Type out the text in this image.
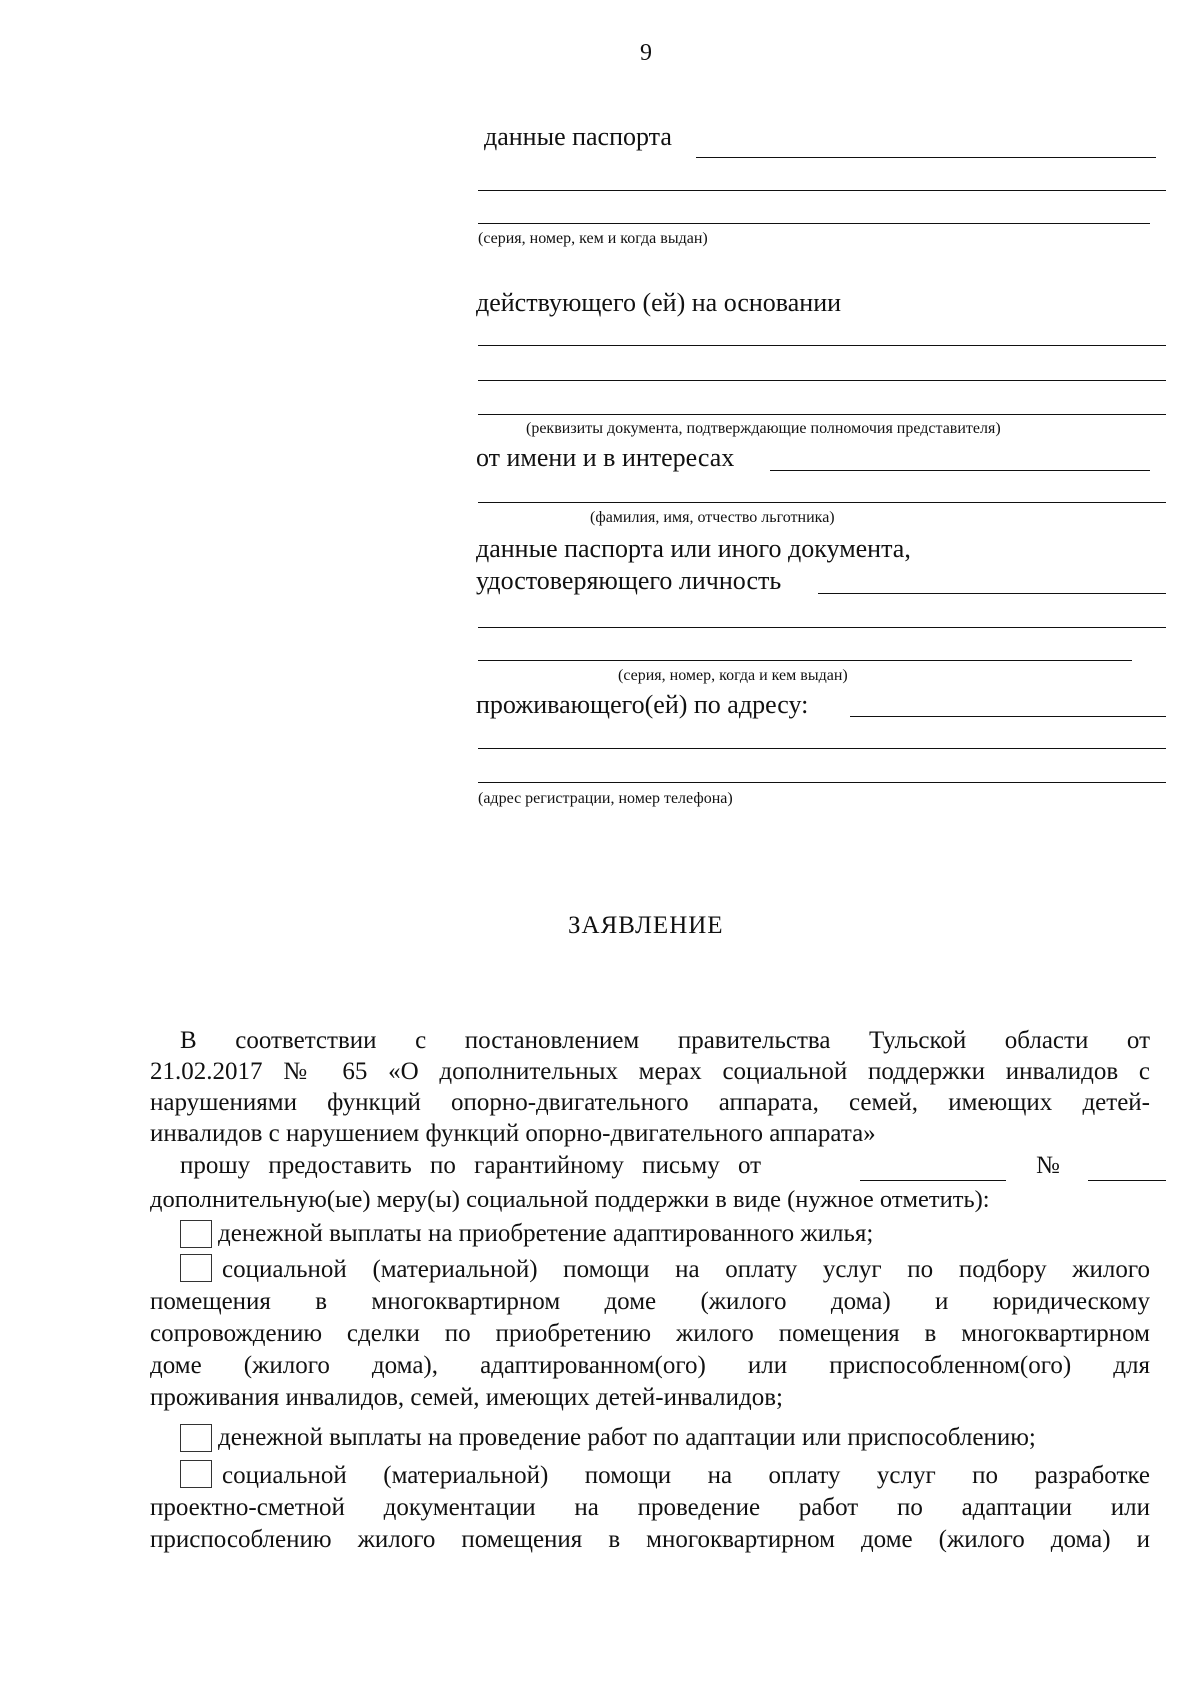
9
данные паспорта
(серия, номер, кем и когда выдан)
действующего (ей) на основании
(реквизиты документа, подтверждающие полномочия представителя)
от имени и в интересах
(фамилия, имя, отчество льготника)
данные паспорта или иного документа,
удостоверяющего личность
(серия, номер, когда и кем выдан)
проживающего(ей) по адресу:
(адрес регистрации, номер телефона)
ЗАЯВЛЕНИЕ
В соответствии с постановлением правительства Тульской области от
21.02.2017 № 65 «О дополнительных мерах социальной поддержки инвалидов с
нарушениями функций опорно-двигательного аппарата, семей, имеющих детей-
инвалидов с нарушением функций опорно-двигательного аппарата»
прошу предоставить по гарантийному письму от	№
дополнительную(ые) меру(ы) социальной поддержки в виде (нужное отметить):
денежной выплаты на приобретение адаптированного жилья;
социальной (материальной) помощи на оплату услуг по подбору жилого
помещения в многоквартирном доме (жилого дома) и юридическому
сопровождению сделки по приобретению жилого помещения в многоквартирном
доме (жилого дома), адаптированном(ого) или приспособленном(ого) для
проживания инвалидов, семей, имеющих детей-инвалидов;
денежной выплаты на проведение работ по адаптации или приспособлению;
социальной (материальной) помощи на оплату услуг по разработке
проектно-сметной документации на проведение работ по адаптации или
приспособлению жилого помещения в многоквартирном доме (жилого дома) и
